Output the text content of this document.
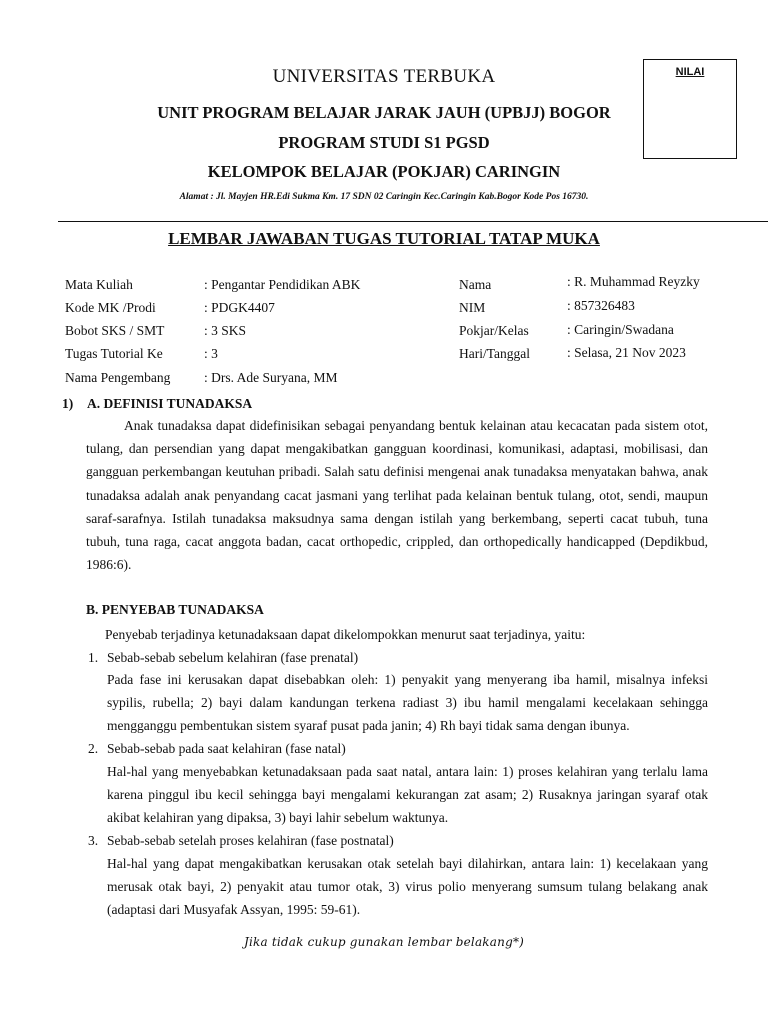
UNIVERSITAS TERBUKA
UNIT PROGRAM BELAJAR JARAK JAUH (UPBJJ) BOGOR
PROGRAM STUDI S1 PGSD
KELOMPOK BELAJAR (POKJAR) CARINGIN
Alamat : Jl. Mayjen HR.Edi Sukma Km. 17 SDN 02 Caringin Kec.Caringin Kab.Bogor Kode Pos 16730.
NILAI
LEMBAR JAWABAN TUGAS TUTORIAL TATAP MUKA
Mata Kuliah	: Pengantar Pendidikan ABK
Kode MK /Prodi	: PDGK4407
Bobot SKS / SMT	: 3 SKS
Tugas Tutorial Ke	: 3
Nama Pengembang : Drs. Ade Suryana, MM
Nama	: R. Muhammad Reyzky
NIM	: 857326483
Pokjar/Kelas	: Caringin/Swadana
Hari/Tanggal	: Selasa, 21 Nov 2023
1) A. DEFINISI TUNADAKSA
Anak tunadaksa dapat didefinisikan sebagai penyandang bentuk kelainan atau kecacatan pada sistem otot, tulang, dan persendian yang dapat mengakibatkan gangguan koordinasi, komunikasi, adaptasi, mobilisasi, dan gangguan perkembangan keutuhan pribadi. Salah satu definisi mengenai anak tunadaksa menyatakan bahwa, anak tunadaksa adalah anak penyandang cacat jasmani yang terlihat pada kelainan bentuk tulang, otot, sendi, maupun saraf-sarafnya. Istilah tunadaksa maksudnya sama dengan istilah yang berkembang, seperti cacat tubuh, tuna tubuh, tuna raga, cacat anggota badan, cacat orthopedic, crippled, dan orthopedically handicapped (Depdikbud, 1986:6).
B. PENYEBAB TUNADAKSA
Penyebab terjadinya ketunadaksaan dapat dikelompokkan menurut saat terjadinya, yaitu:
1. Sebab-sebab sebelum kelahiran (fase prenatal)
Pada fase ini kerusakan dapat disebabkan oleh: 1) penyakit yang menyerang iba hamil, misalnya infeksi sypilis, rubella; 2) bayi dalam kandungan terkena radiast 3) ibu hamil mengalami kecelakaan sehingga mengganggu pembentukan sistem syaraf pusat pada janin; 4) Rh bayi tidak sama dengan ibunya.
2. Sebab-sebab pada saat kelahiran (fase natal)
Hal-hal yang menyebabkan ketunadaksaan pada saat natal, antara lain: 1) proses kelahiran yang terlalu lama karena pinggul ibu kecil sehingga bayi mengalami kekurangan zat asam; 2) Rusaknya jaringan syaraf otak akibat kelahiran yang dipaksa, 3) bayi lahir sebelum waktunya.
3. Sebab-sebab setelah proses kelahiran (fase postnatal)
Hal-hal yang dapat mengakibatkan kerusakan otak setelah bayi dilahirkan, antara lain: 1) kecelakaan yang merusak otak bayi, 2) penyakit atau tumor otak, 3) virus polio menyerang sumsum tulang belakang anak (adaptasi dari Musyafak Assyan, 1995: 59-61).
Jika tidak cukup gunakan lembar belakang*)
